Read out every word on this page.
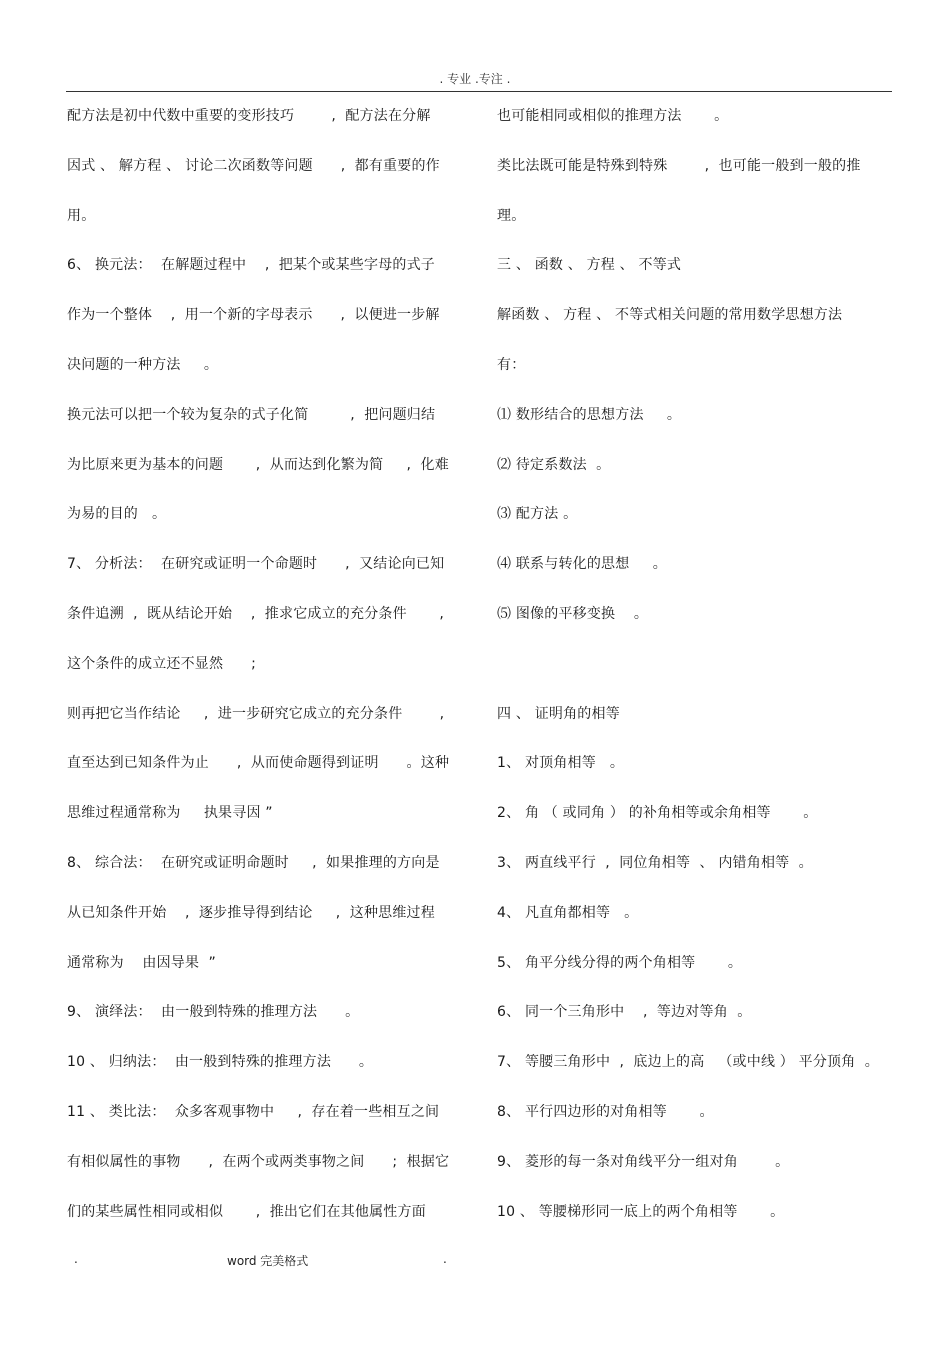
. 专业 .专注 .
配方法是初中代数中重要的变形技巧        ,  配方法在分解
因式 、 解方程 、 讨论二次函数等问题      ,  都有重要的作
用。
6、 换元法：  在解题过程中    ,  把某个或某些字母的式子
作为一个整体    ,  用一个新的字母表示      ,  以便进一步解
决问题的一种方法     。
换元法可以把一个较为复杂的式子化简         ,  把问题归结
为比原来更为基本的问题       ,  从而达到化繁为简     ,  化难
为易的目的   。
7、 分析法：  在研究或证明一个命题时      ,  又结论向已知
条件追溯  ,  既从结论开始    ,  推求它成立的充分条件       ,
这个条件的成立还不显然      ;
则再把它当作结论     ,  进一步研究它成立的充分条件        ,
直至达到已知条件为止      ,  从而使命题得到证明      。这种
思维过程通常称为     执果寻因 ”
8、 综合法：  在研究或证明命题时     ,  如果推理的方向是
从已知条件开始    ,  逐步推导得到结论     ,  这种思维过程
通常称为    由因导果  ”
9、 演绎法：  由一般到特殊的推理方法      。
10 、 归纳法：  由一般到特殊的推理方法      。
11 、 类比法：  众多客观事物中     ,  存在着一些相互之间
有相似属性的事物      ,  在两个或两类事物之间      ;  根据它
们的某些属性相同或相似       ,  推出它们在其他属性方面
也可能相同或相似的推理方法       。
类比法既可能是特殊到特殊        ,  也可能一般到一般的推
理。
三 、 函数 、 方程 、 不等式
解函数 、 方程 、 不等式相关问题的常用数学思想方法
有：
⑴ 数形结合的思想方法     。
⑵ 待定系数法  。
⑶ 配方法 。
⑷ 联系与转化的思想     。
⑸ 图像的平移变换    。
四 、 证明角的相等
1、 对顶角相等   。
2、 角 （ 或同角 ） 的补角相等或余角相等       。
3、 两直线平行  ,  同位角相等  、 内错角相等  。
4、 凡直角都相等   。
5、 角平分线分得的两个角相等       。
6、 同一个三角形中    ,  等边对等角  。
7、 等腰三角形中  ,  底边上的高   （或中线 ） 平分顶角  。
8、 平行四边形的对角相等       。
9、 菱形的每一条对角线平分一组对角        。
10 、 等腰梯形同一底上的两个角相等       。
.	word 完美格式	.
